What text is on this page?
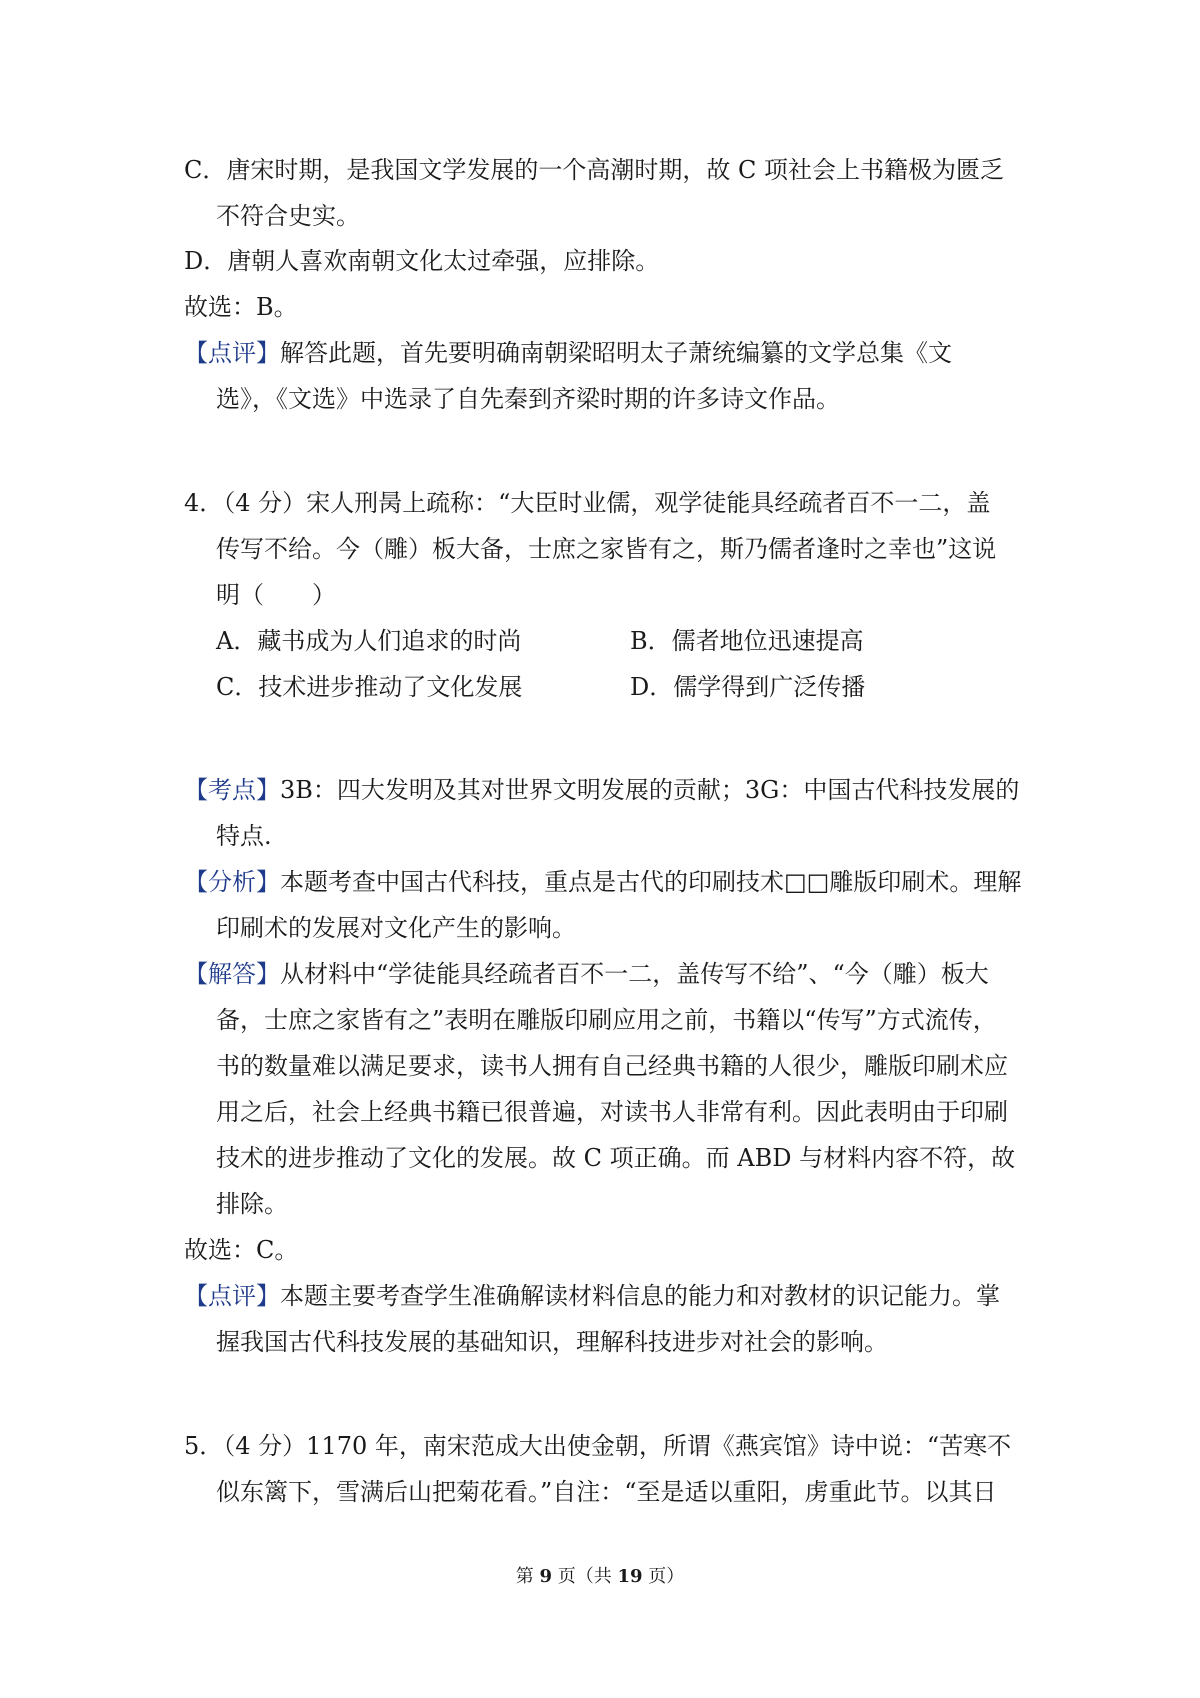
C．唐宋时期，是我国文学发展的一个高潮时期，故 C 项社会上书籍极为匮乏
不符合史实。
D．唐朝人喜欢南朝文化太过牵强，应排除。
故选：B。
【点评】解答此题，首先要明确南朝梁昭明太子萧统编纂的文学总集《文
选》，《文选》中选录了自先秦到齐梁时期的许多诗文作品。
4．（4 分）宋人刑昺上疏称：“大臣时业儒，观学徒能具经疏者百不一二，盖
传写不给。今（雕）板大备，士庶之家皆有之，斯乃儒者逢时之幸也”这说
明（　　）
A．藏书成为人们追求的时尚	B．儒者地位迅速提高
C．技术进步推动了文化发展	D．儒学得到广泛传播
【考点】3B：四大发明及其对世界文明发展的贡献；3G：中国古代科技发展的
特点.
【分析】本题考查中国古代科技，重点是古代的印刷技术□□雕版印刷术。理解
印刷术的发展对文化产生的影响。
【解答】从材料中“学徒能具经疏者百不一二，盖传写不给”、“今（雕）板大
备，士庶之家皆有之”表明在雕版印刷应用之前，书籍以“传写”方式流传，
书的数量难以满足要求，读书人拥有自己经典书籍的人很少，雕版印刷术应
用之后，社会上经典书籍已很普遍，对读书人非常有利。因此表明由于印刷
技术的进步推动了文化的发展。故 C 项正确。而 ABD 与材料内容不符，故
排除。
故选：C。
【点评】本题主要考查学生准确解读材料信息的能力和对教材的识记能力。掌
握我国古代科技发展的基础知识，理解科技进步对社会的影响。
5．（4 分）1170 年，南宋范成大出使金朝，所谓《燕宾馆》诗中说：“苦寒不
似东篱下，雪满后山把菊花看。”自注：“至是适以重阳，虏重此节。以其日
第 9 页（共 19 页）
